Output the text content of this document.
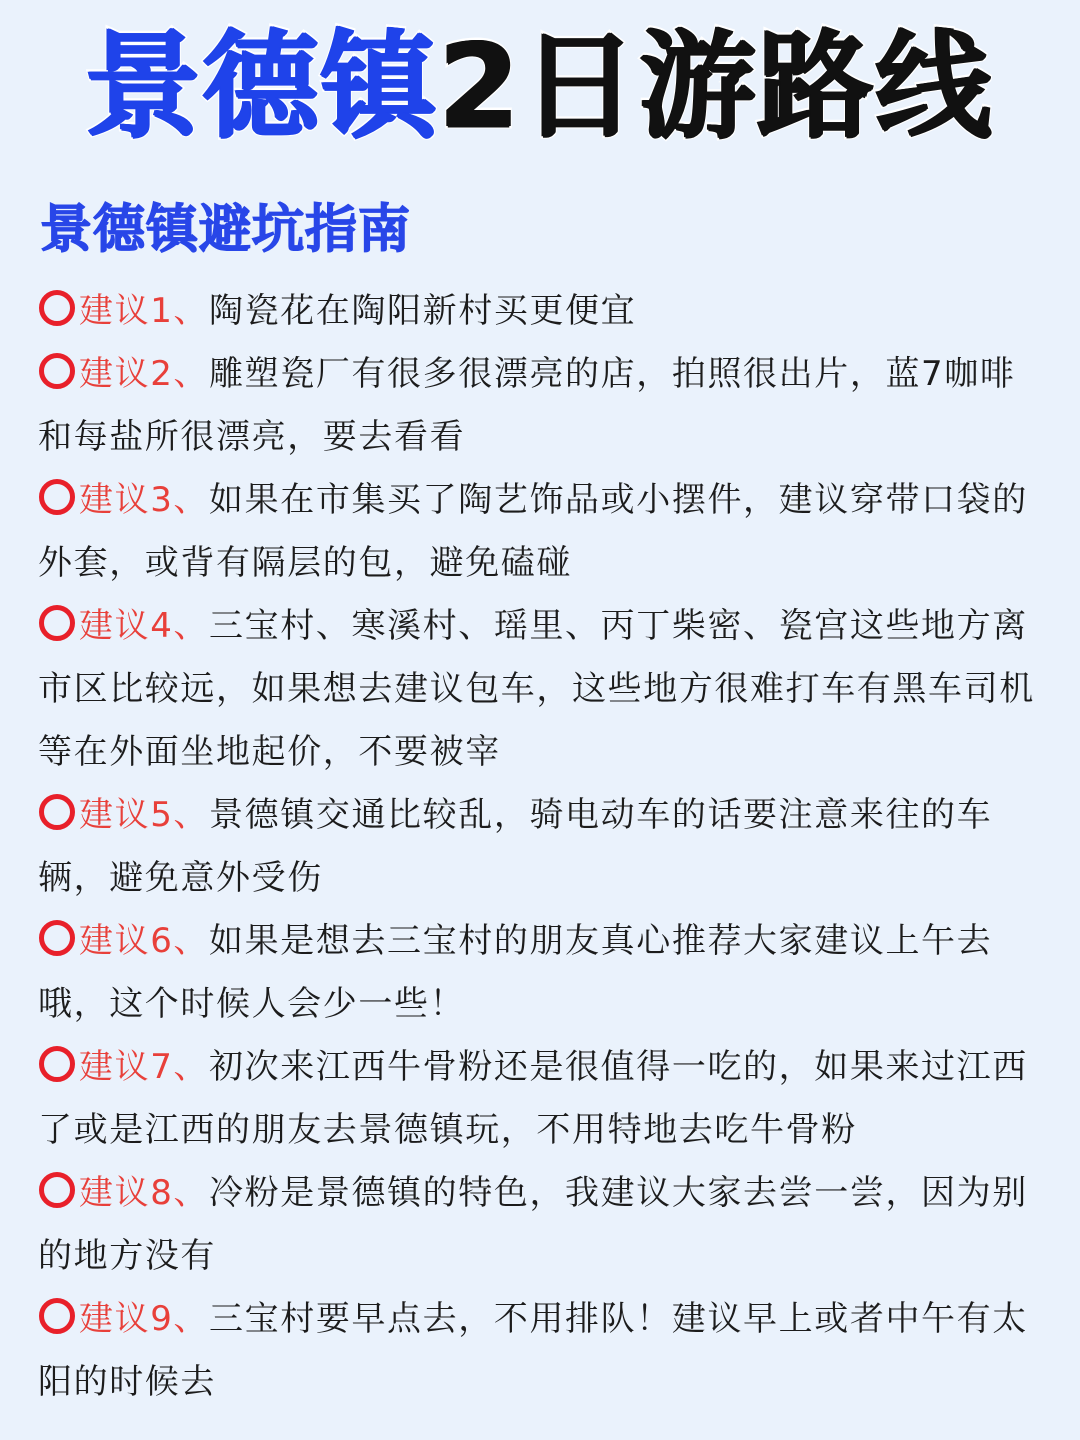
景德镇2日游路线
景德镇避坑指南
建议1、陶瓷花在陶阳新村买更便宜
建议2、雕塑瓷厂有很多很漂亮的店，拍照很出片，蓝7咖啡和每盐所很漂亮，要去看看
建议3、如果在市集买了陶艺饰品或小摆件，建议穿带口袋的外套，或背有隔层的包，避免磕碰
建议4、三宝村、寒溪村、瑶里、丙丁柴密、瓷宫这些地方离市区比较远，如果想去建议包车，这些地方很难打车有黑车司机等在外面坐地起价，不要被宰
建议5、景德镇交通比较乱，骑电动车的话要注意来往的车辆，避免意外受伤
建议6、如果是想去三宝村的朋友真心推荐大家建议上午去哦，这个时候人会少一些！
建议7、初次来江西牛骨粉还是很值得一吃的，如果来过江西了或是江西的朋友去景德镇玩，不用特地去吃牛骨粉
建议8、冷粉是景德镇的特色，我建议大家去尝一尝，因为别的地方没有
建议9、三宝村要早点去，不用排队！建议早上或者中午有太阳的时候去
